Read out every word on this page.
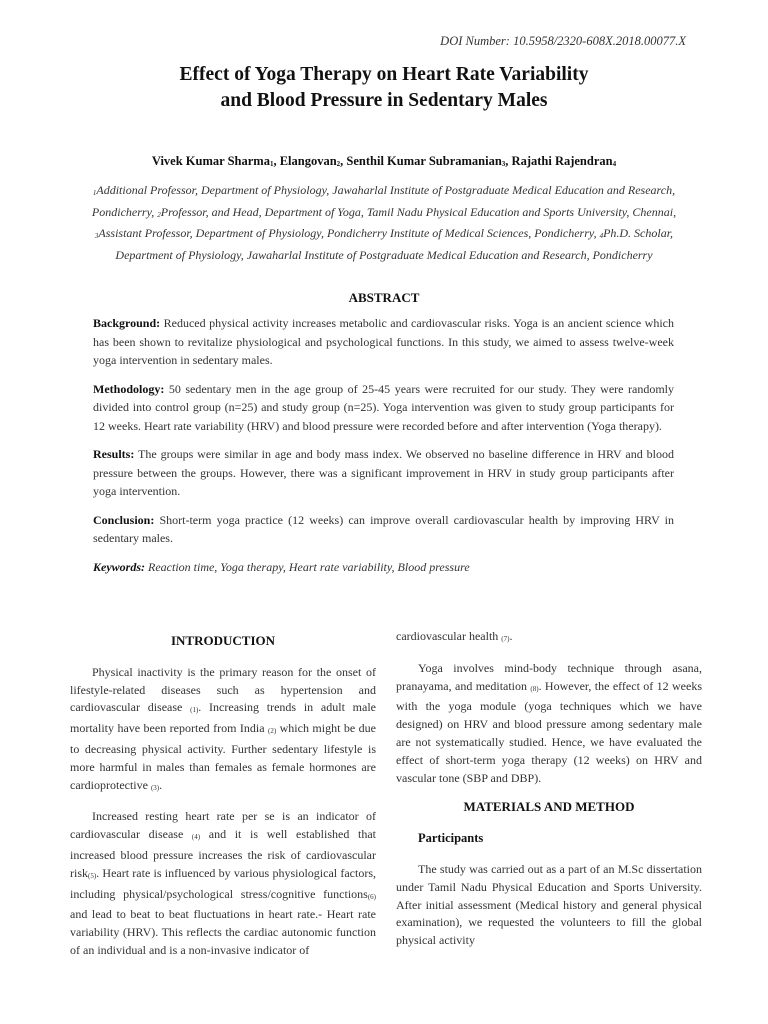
DOI Number: 10.5958/2320-608X.2018.00077.X
Effect of Yoga Therapy on Heart Rate Variability
and Blood Pressure in Sedentary Males
Vivek Kumar Sharma$_1$, Elangovan$_2$, Senthil Kumar Subramanian$_3$, Rajathi Rajendran$_4$
$_1$Additional Professor, Department of Physiology, Jawaharlal Institute of Postgraduate Medical Education and Research, Pondicherry, $_2$Professor, and Head, Department of Yoga, Tamil Nadu Physical Education and Sports University, Chennai, $_3$Assistant Professor, Department of Physiology, Pondicherry Institute of Medical Sciences, Pondicherry, $_4$Ph.D. Scholar, Department of Physiology, Jawaharlal Institute of Postgraduate Medical Education and Research, Pondicherry
ABSTRACT

Background: Reduced physical activity increases metabolic and cardiovascular risks. Yoga is an ancient science which has been shown to revitalize physiological and psychological functions. In this study, we aimed to assess twelve-week yoga intervention in sedentary males.

Methodology: 50 sedentary men in the age group of 25-45 years were recruited for our study. They were randomly divided into control group (n=25) and study group (n=25). Yoga intervention was given to study group participants for 12 weeks. Heart rate variability (HRV) and blood pressure were recorded before and after intervention (Yoga therapy).

Results: The groups were similar in age and body mass index. We observed no baseline difference in HRV and blood pressure between the groups. However, there was a significant improvement in HRV in study group participants after yoga intervention.

Conclusion: Short-term yoga practice (12 weeks) can improve overall cardiovascular health by improving HRV in sedentary males.

Keywords: Reaction time, Yoga therapy, Heart rate variability, Blood pressure

INTRODUCTION

Physical inactivity is the primary reason for the onset of lifestyle-related diseases such as hypertension and cardiovascular disease $_{(1)}$. Increasing trends in adult male mortality have been reported from India $_{(2)}$ which might be due to decreasing physical activity. Further sedentary lifestyle is more harmful in males than females as female hormones are cardioprotective $_{(3)}$.

Increased resting heart rate per se is an indicator of cardiovascular disease $_{(4)}$ and it is well established that increased blood pressure increases the risk of cardiovascular risk$_{(5)}$. Heart rate is influenced by various physiological factors, including physical/psychological stress/cognitive functions$_{(6)}$ and lead to beat to beat fluctuations in heart rate.- Heart rate variability (HRV). This reflects the cardiac autonomic function of an individual and is a non-invasive indicator of

cardiovascular health $_{(7)}$.

Yoga involves mind-body technique through asana, pranayama, and meditation $_{(8)}$. However, the effect of 12 weeks with the yoga module (yoga techniques which we have designed) on HRV and blood pressure among sedentary male are not systematically studied. Hence, we have evaluated the effect of short-term yoga therapy (12 weeks) on HRV and vascular tone (SBP and DBP).

MATERIALS AND METHOD
Participants

The study was carried out as a part of an M.Sc dissertation under Tamil Nadu Physical Education and Sports University. After initial assessment (Medical history and general physical examination), we requested the volunteers to fill the global physical activity
